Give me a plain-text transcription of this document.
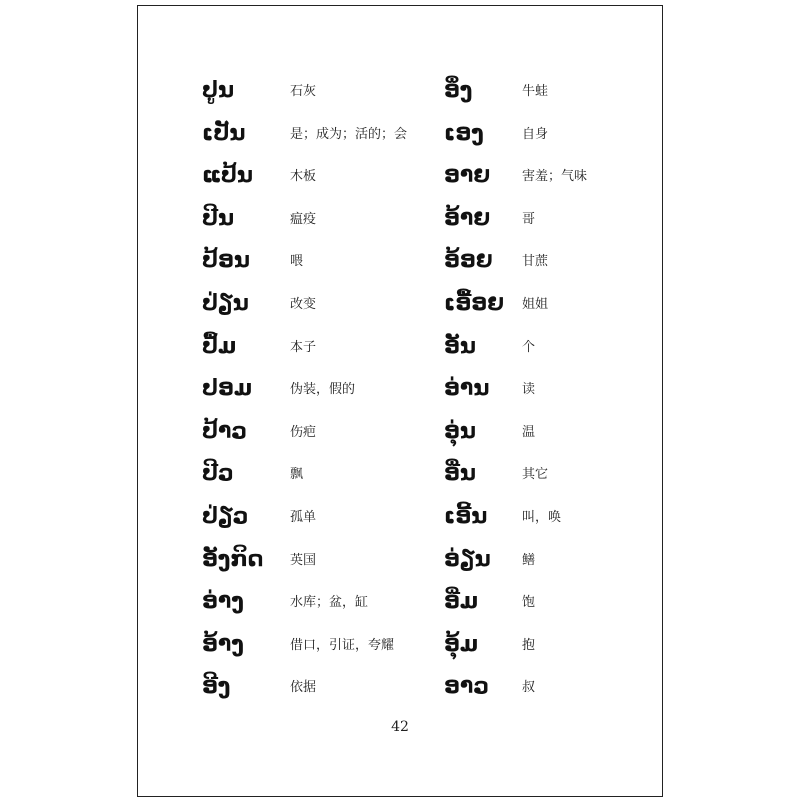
ປູນ	石灰
ເປັນ	是；成为；活的；会
ແປ້ນ	木板
ປີນ	瘟疫
ປ້ອນ	喂
ປ່ຽນ	改变
ປຶ້ມ	本子
ປອມ	伪装，假的
ປ້າວ	伤疤
ປີວ	飘
ປ່ຽວ	孤单
ອັງກິດ 英国
ອ່າງ	水库；盆，缸
ອ້າງ	借口，引证，夸耀
ອີງ	依据
ອຶ່ງ	牛蛙
ເອງ	自身
ອາຍ 害羞；气味
ອ້າຍ 哥
ອ້ອຍ 甘蔗
ເອື້ອຍ 姐姐
ອັນ	个
ອ່ານ	读
ອຸ່ນ	温
ອື່ນ	其它
ເອີ້ນ	叫，唤
ອ່ຽນ 鳝
ອີ່ມ	饱
ອຸ້ມ	抱
ອາວ	叔
42
